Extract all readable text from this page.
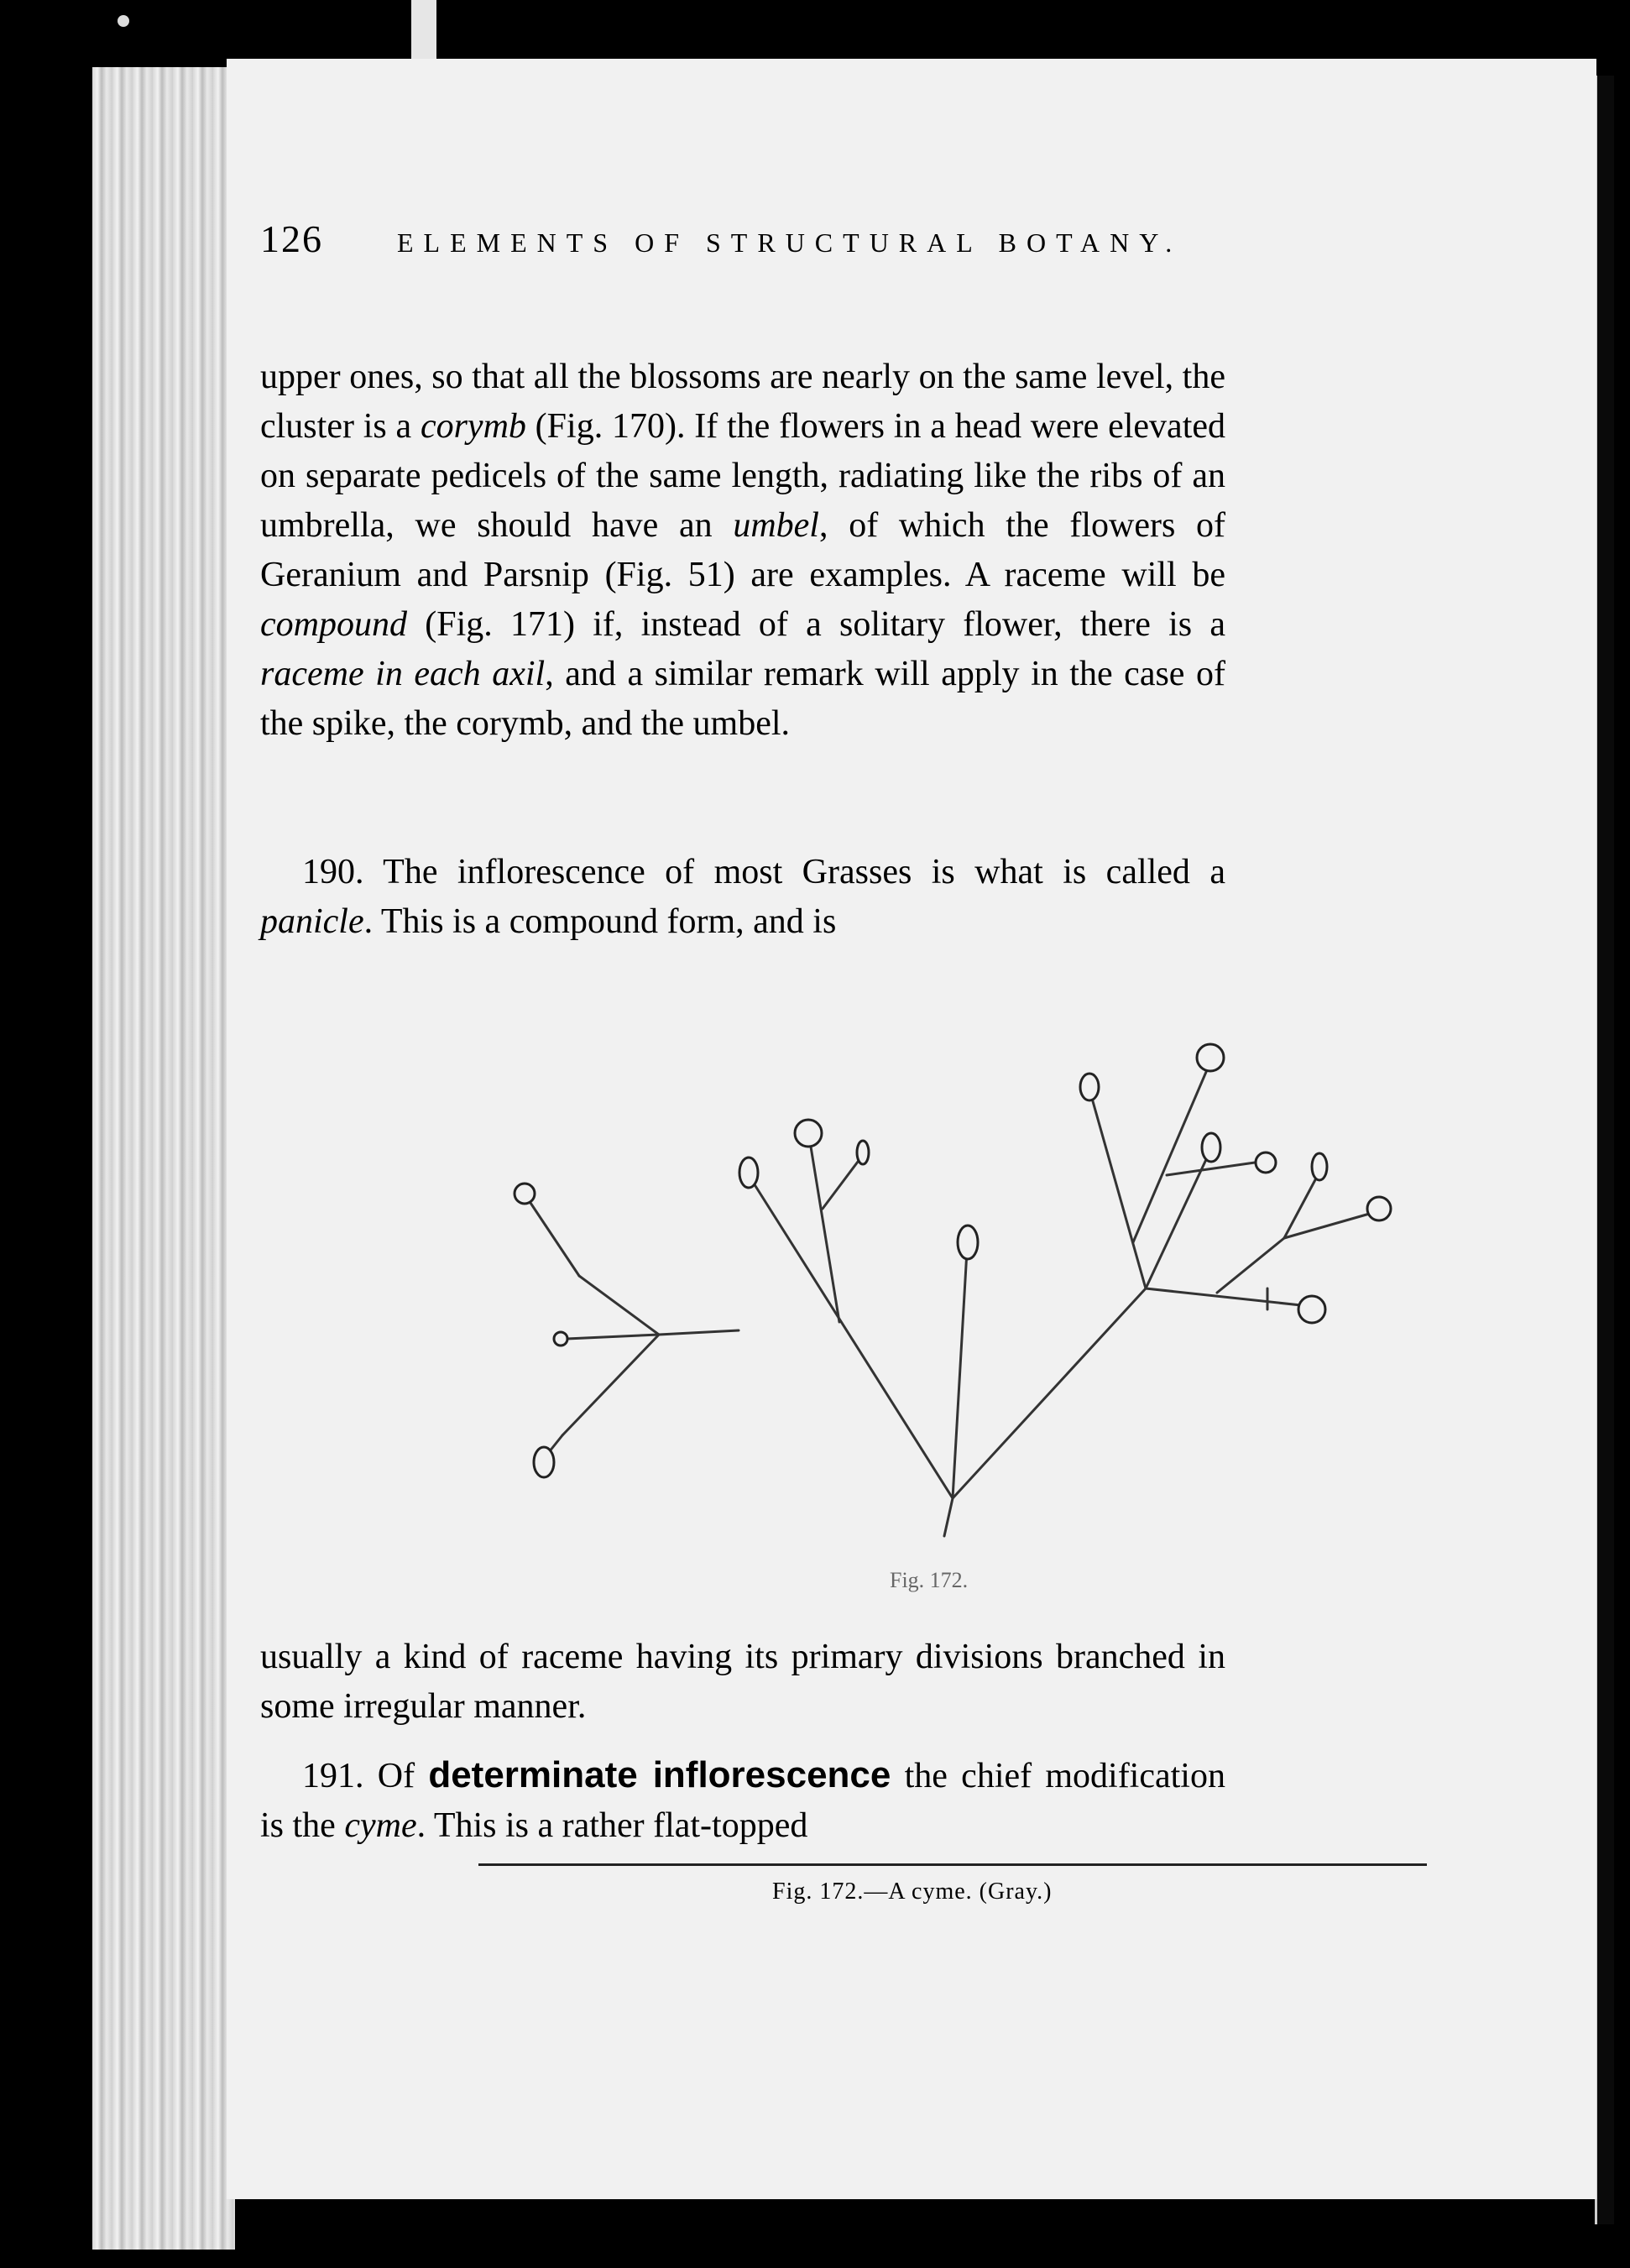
126	ELEMENTS OF STRUCTURAL BOTANY.

upper ones, so that all the blossoms are nearly on the same level, the cluster is a corymb (Fig. 170). If the flowers in a head were elevated on separate pedicels of the same length, radiating like the ribs of an umbrella, we should have an umbel, of which the flowers of Geranium and Parsnip (Fig. 51) are examples. A raceme will be compound (Fig. 171) if, instead of a solitary flower, there is a raceme in each axil, and a similar remark will apply in the case of the spike, the corymb, and the umbel.

190. The inflorescence of most Grasses is what is called a panicle. This is a compound form, and is

Fig. 172.

usually a kind of raceme having its primary divisions branched in some irregular manner.

191. Of determinate inflorescence the chief modification is the cyme. This is a rather flat-topped

Fig. 172.—A cyme. (Gray.)
